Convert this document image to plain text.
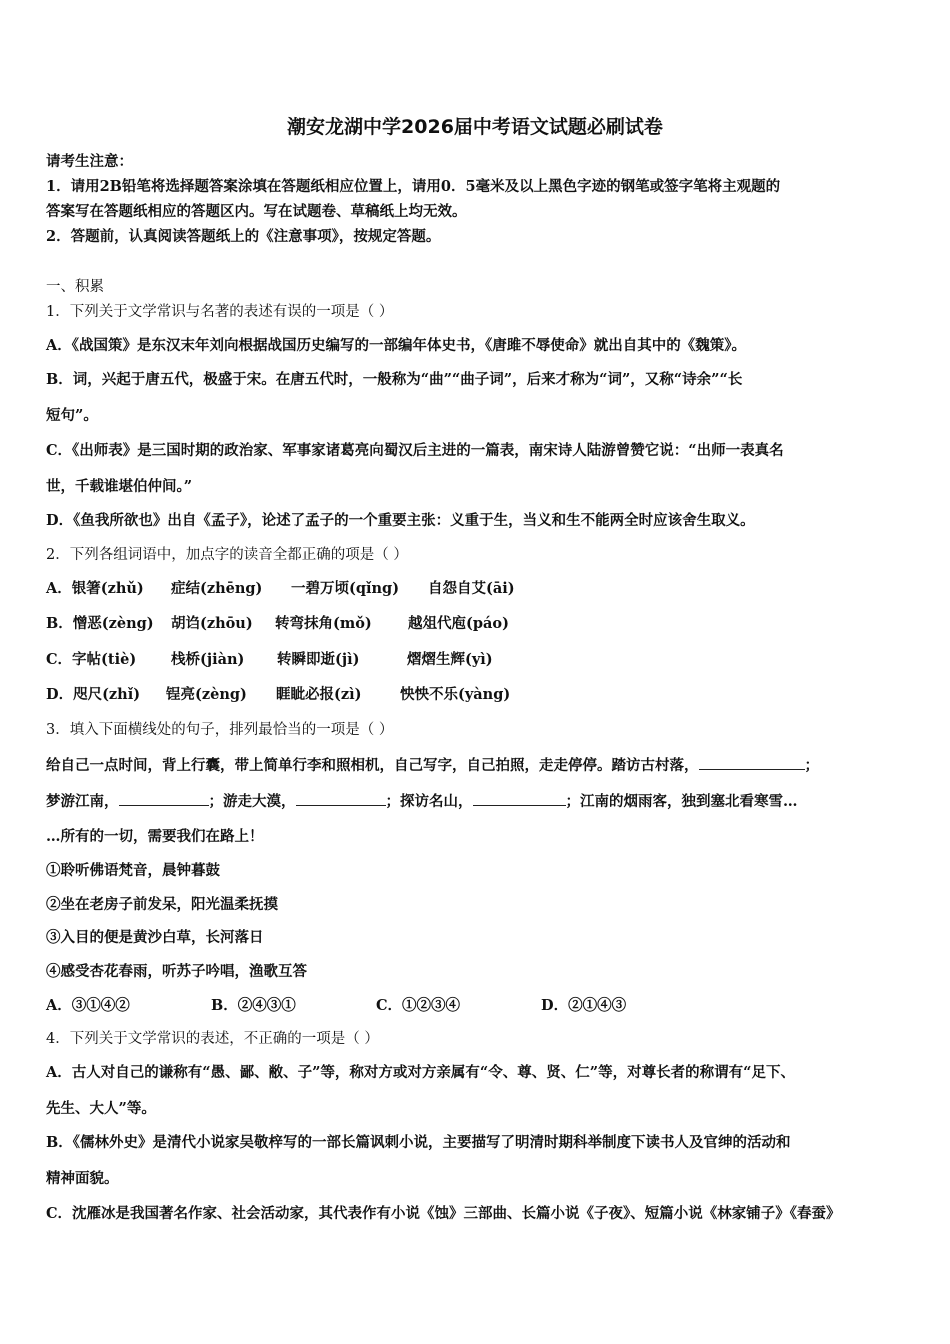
潮安龙湖中学2026届中考语文试题必刷试卷
请考生注意：
1．请用2B铅笔将选择题答案涂填在答题纸相应位置上，请用0．5毫米及以上黑色字迹的钢笔或签字笔将主观题的
答案写在答题纸相应的答题区内。写在试题卷、草稿纸上均无效。
2．答题前，认真阅读答题纸上的《注意事项》，按规定答题。
一、积累
1．下列关于文学常识与名著的表述有误的一项是（ ）
A．《战国策》是东汉末年刘向根据战国历史编写的一部编年体史书，《唐雎不辱使命》就出自其中的《魏策》。
B．词，兴起于唐五代，极盛于宋。在唐五代时，一般称为“曲”“曲子词”，后来才称为“词”，又称“诗余”“长
短句”。
C．《出师表》是三国时期的政治家、军事家诸葛亮向蜀汉后主进的一篇表，南宋诗人陆游曾赞它说：“出师一表真名
世，千载谁堪伯仲间。”
D．《鱼我所欲也》出自《孟子》，论述了孟子的一个重要主张：义重于生，当义和生不能两全时应该舍生取义。
2．下列各组词语中，加点字的读音全都正确的项是（ ）
A．银箸(zhǔ) 症结(zhēng) 一碧万顷(qǐng) 自怨自艾(āi)
B．憎恶(zèng) 胡诌(zhōu) 转弯抹角(mǒ)	越俎代庖(páo)
C．字帖(tiè) 栈桥(jiàn) 转瞬即逝(jì)	熠熠生辉(yì)
D．咫尺(zhǐ) 锃亮(zèng) 睚眦必报(zì)	怏怏不乐(yàng)
3．填入下面横线处的句子，排列最恰当的一项是（ ）
给自己一点时间，背上行囊，带上简单行李和照相机，自己写字，自己拍照，走走停停。踏访古村落，	；
梦游江南，	；游走大漠，	；探访名山，	；江南的烟雨客，独到塞北看寒雪…
…所有的一切，需要我们在路上！
①聆听佛语梵音，晨钟暮鼓
②坐在老房子前发呆，阳光温柔抚摸
③入目的便是黄沙白草，长河落日
④感受杏花春雨，听苏子吟唱，渔歌互答
A．③①④②	B．②④③①	C．①②③④	D．②①④③
4．下列关于文学常识的表述，不正确的一项是（ ）
A．古人对自己的谦称有“愚、鄙、敝、子”等，称对方或对方亲属有“令、尊、贤、仁”等，对尊长者的称谓有“足下、
先生、大人”等。
B．《儒林外史》是清代小说家吴敬梓写的一部长篇讽刺小说，主要描写了明清时期科举制度下读书人及官绅的活动和
精神面貌。
C．沈雁冰是我国著名作家、社会活动家，其代表作有小说《蚀》三部曲、长篇小说《子夜》、短篇小说《林家铺子》《春蚕》
